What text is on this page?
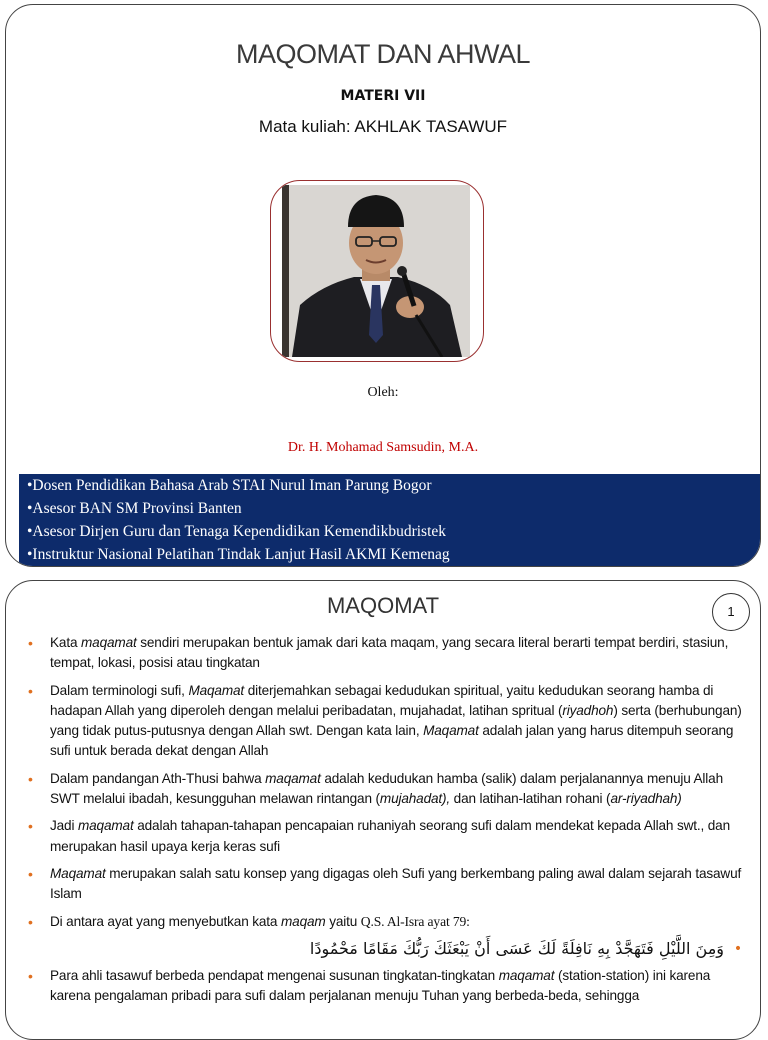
MAQOMAT DAN AHWAL
MATERI VII
Mata kuliah: AKHLAK TASAWUF
Oleh:
Dr. H. Mohamad Samsudin, M.A.
•Dosen Pendidikan Bahasa Arab STAI Nurul Iman Parung Bogor
•Asesor BAN SM Provinsi Banten
•Asesor Dirjen Guru dan Tenaga Kependidikan Kemendikbudristek
•Instruktur Nasional Pelatihan Tindak Lanjut Hasil AKMI Kemenag
MAQOMAT	1
• Kata maqamat sendiri merupakan bentuk jamak dari kata maqam, yang secara literal berarti tempat berdiri, stasiun, tempat, lokasi, posisi atau tingkatan
• Dalam terminologi sufi, Maqamat diterjemahkan sebagai kedudukan spiritual, yaitu kedudukan seorang hamba di hadapan Allah yang diperoleh dengan melalui peribadatan, mujahadat, latihan spritual (riyadhoh) serta (berhubungan) yang tidak putus-putusnya dengan Allah swt. Dengan kata lain, Maqamat adalah jalan yang harus ditempuh seorang sufi untuk berada dekat dengan Allah
• Dalam pandangan Ath-Thusi bahwa maqamat adalah kedudukan hamba (salik) dalam perjalanannya menuju Allah SWT melalui ibadah, kesungguhan melawan rintangan (mujahadat), dan latihan-latihan rohani (ar-riyadhah)
• Jadi maqamat adalah tahapan-tahapan pencapaian ruhaniyah seorang sufi dalam mendekat kepada Allah swt., dan merupakan hasil upaya kerja keras sufi
• Maqamat merupakan salah satu konsep yang digagas oleh Sufi yang berkembang paling awal dalam sejarah tasawuf Islam
• Di antara ayat yang menyebutkan kata maqam yaitu Q.S. Al-Isra ayat 79:
•
وَمِنَ اللَّيْلِ فَتَهَجَّدْ بِهِ نَافِلَةً لَكَ عَسَى أَنْ يَبْعَثَكَ رَبُّكَ مَقَامًا مَحْمُودًا
• Para ahli tasawuf berbeda pendapat mengenai susunan tingkatan-tingkatan maqamat (station-station) ini karena karena pengalaman pribadi para sufi dalam perjalanan menuju Tuhan yang berbeda-beda, sehingga
